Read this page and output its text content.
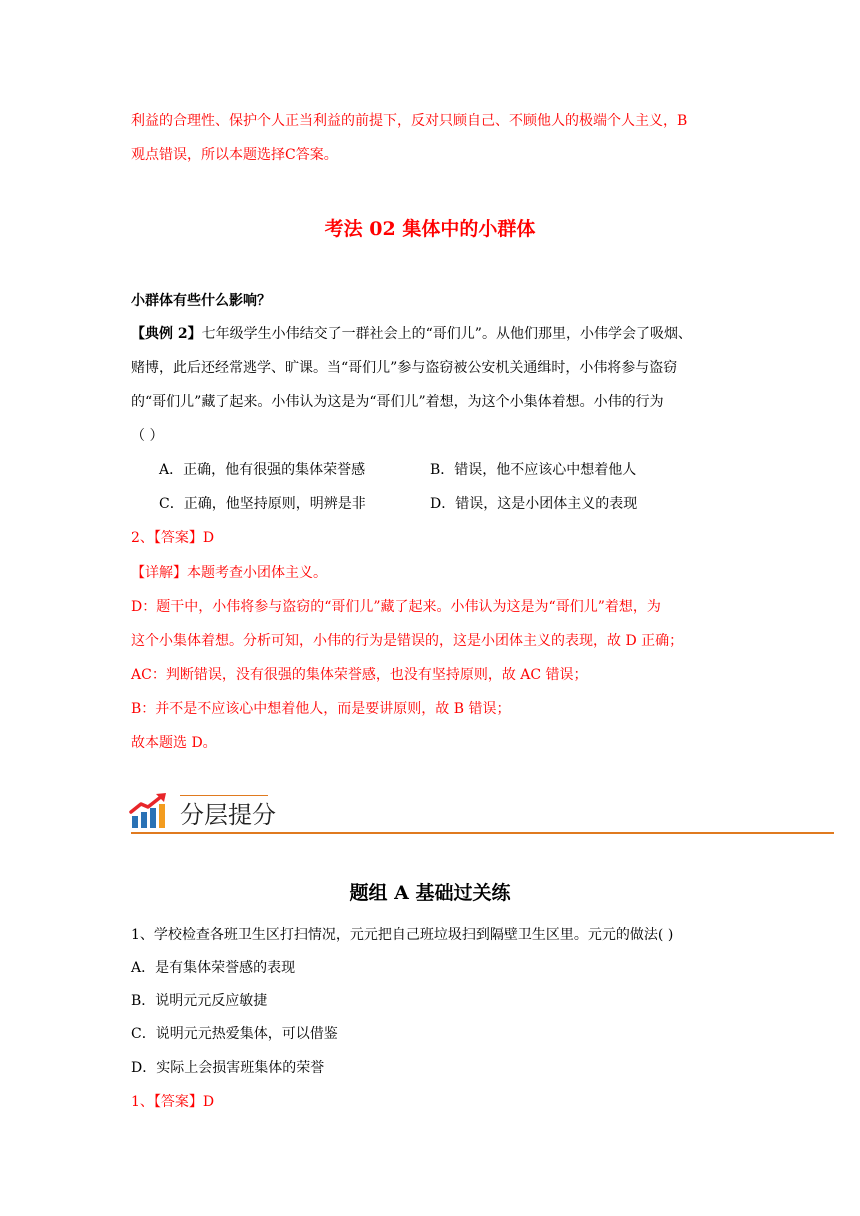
利益的合理性、保护个人正当利益的前提下，反对只顾自己、不顾他人的极端个人主义，B
观点错误，所以本题选择C答案。
考法 02 集体中的小群体
小群体有些什么影响？
【典例 2】七年级学生小伟结交了一群社会上的“哥们儿”。从他们那里，小伟学会了吸烟、
赌博，此后还经常逃学、旷课。当“哥们儿”参与盗窃被公安机关通缉时，小伟将参与盗窃
的“哥们儿”藏了起来。小伟认为这是为“哥们儿”着想，为这个小集体着想。小伟的行为
（ ）
A．正确，他有很强的集体荣誉感	B．错误，他不应该心中想着他人
C．正确，他坚持原则，明辨是非	D．错误，这是小团体主义的表现
2、【答案】D
【详解】本题考查小团体主义。
D：题干中，小伟将参与盗窃的“哥们儿”藏了起来。小伟认为这是为“哥们儿”着想，为
这个小集体着想。分析可知，小伟的行为是错误的，这是小团体主义的表现，故 D 正确；
AC：判断错误，没有很强的集体荣誉感，也没有坚持原则，故 AC 错误；
B：并不是不应该心中想着他人，而是要讲原则，故 B 错误；
故本题选 D。
分层提分
题组 A 基础过关练
1、学校检查各班卫生区打扫情况，元元把自己班垃圾扫到隔壁卫生区里。元元的做法( )
A．是有集体荣誉感的表现
B．说明元元反应敏捷
C．说明元元热爱集体，可以借鉴
D．实际上会损害班集体的荣誉
1、【答案】D
